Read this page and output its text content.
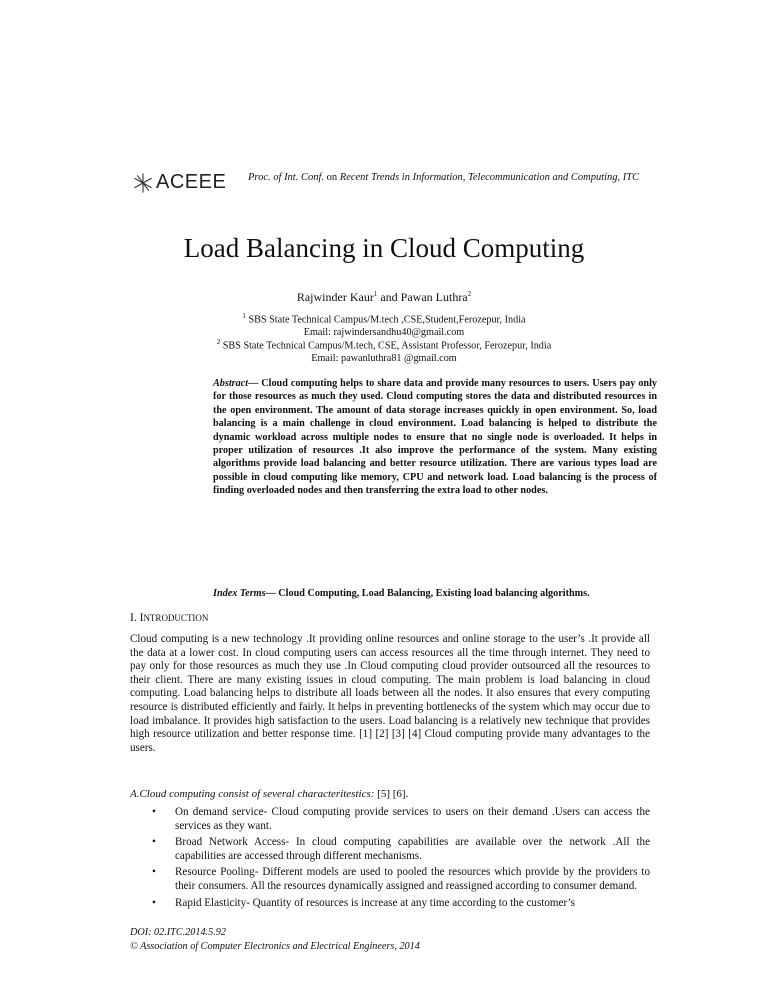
ACEEE Proc. of Int. Conf. on Recent Trends in Information, Telecommunication and Computing, ITC
Load Balancing in Cloud Computing
Rajwinder Kaur$^1$ and Pawan Luthra$^2$
$^1$ SBS State Technical Campus/M.tech ,CSE,Student,Ferozepur, India
Email: rajwindersandhu40@gmail.com
$^2$ SBS State Technical Campus/M.tech, CSE, Assistant Professor, Ferozepur, India
Email: pawanluthra81 @gmail.com
Abstract— Cloud computing helps to share data and provide many resources to users. Users pay only for those resources as much they used. Cloud computing stores the data and distributed resources in the open environment. The amount of data storage increases quickly in open environment. So, load balancing is a main challenge in cloud environment. Load balancing is helped to distribute the dynamic workload across multiple nodes to ensure that no single node is overloaded. It helps in proper utilization of resources .It also improve the performance of the system. Many existing algorithms provide load balancing and better resource utilization. There are various types load are possible in cloud computing like memory, CPU and network load. Load balancing is the process of finding overloaded nodes and then transferring the extra load to other nodes.
Index Terms— Cloud Computing, Load Balancing, Existing load balancing algorithms.
I. INTRODUCTION
Cloud computing is a new technology .It providing online resources and online storage to the user’s .It provide all the data at a lower cost. In cloud computing users can access resources all the time through internet. They need to pay only for those resources as much they use .In Cloud computing cloud provider outsourced all the resources to their client. There are many existing issues in cloud computing. The main problem is load balancing in cloud computing. Load balancing helps to distribute all loads between all the nodes. It also ensures that every computing resource is distributed efficiently and fairly. It helps in preventing bottlenecks of the system which may occur due to load imbalance. It provides high satisfaction to the users. Load balancing is a relatively new technique that provides high resource utilization and better response time. [1] [2] [3] [4] Cloud computing provide many advantages to the users.
A.Cloud computing consist of several characteritestics: [5] [6].
• On demand service- Cloud computing provide services to users on their demand .Users can access the services as they want.
• Broad Network Access- In cloud computing capabilities are available over the network .All the capabilities are accessed through different mechanisms.
• Resource Pooling- Different models are used to pooled the resources which provide by the providers to their consumers. All the resources dynamically assigned and reassigned according to consumer demand.
• Rapid Elasticity- Quantity of resources is increase at any time according to the customer’s
DOI: 02.ITC.2014.5.92
© Association of Computer Electronics and Electrical Engineers, 2014
